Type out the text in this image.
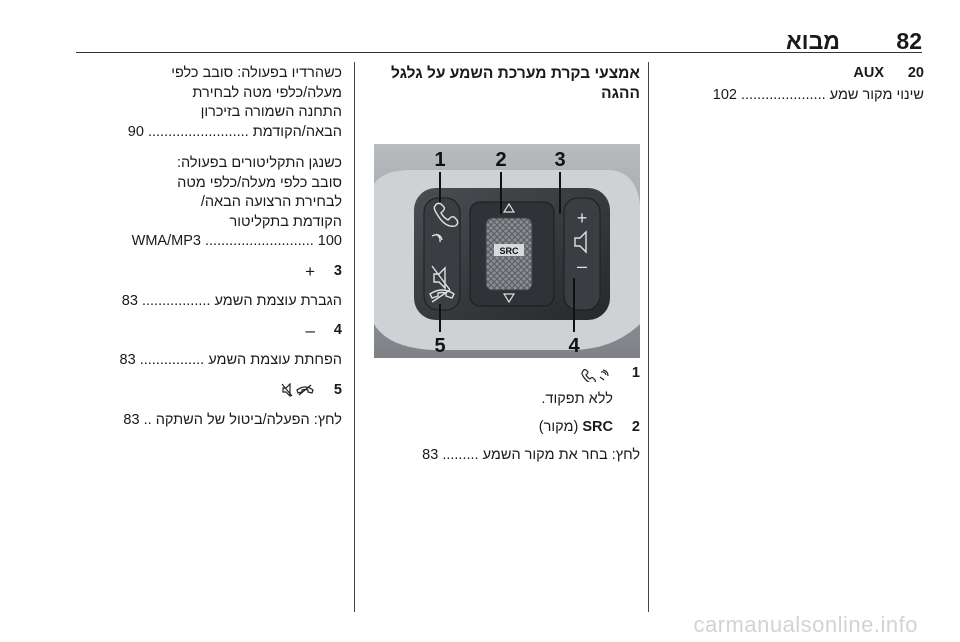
82
מבוא
20
AUX

שינוי מקור שמע ..................... 102

אמצעי בקרת מערכת השמע על גלגל

ההגה

SRC
+
–
1 2 3
4
5
1

ללא תפקוד.

2
SRC (מקור)

לחץ: בחר את מקור השמע ......... 83

כשהרדיו בפעולה: סובב כלפי

מעלה/כלפי מטה לבחירת

התחנה השמורה בזיכרון

הבאה/הקודמת ......................... 90

כשנגן התקליטורים בפעולה:

סובב כלפי מעלה/כלפי מטה

לבחירת הרצועה הבאה/

הקודמת בתקליטור

WMA/MP3 ........................... 100

3
+

הגברת עוצמת השמע ................. 83

4
–

הפחתת עוצמת השמע ................ 83

5

לחץ: הפעלה/ביטול של השתקה .. 83

carmanualsonline.info
